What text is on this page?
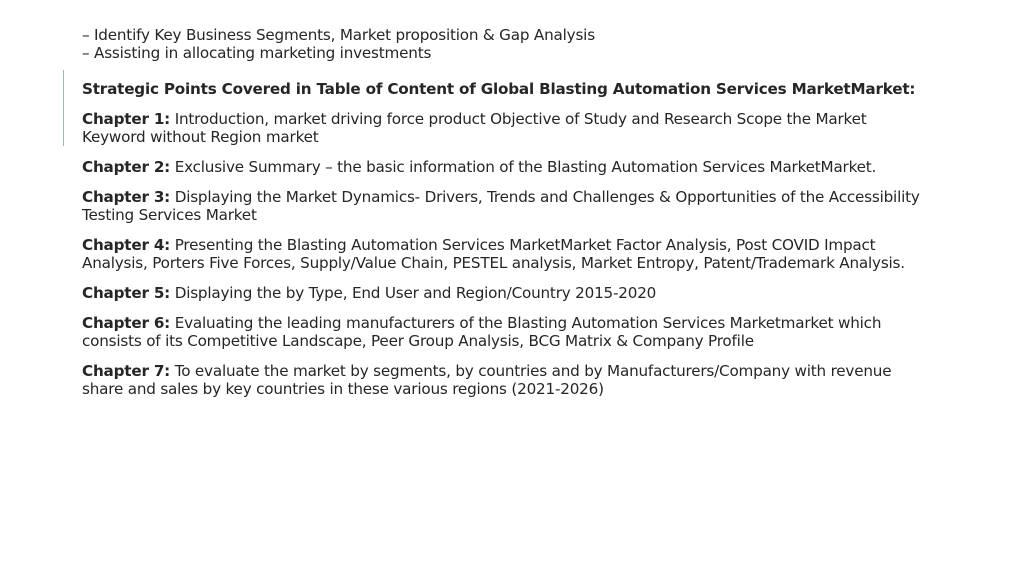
– Identify Key Business Segments, Market proposition & Gap Analysis

– Assisting in allocating marketing investments

Strategic Points Covered in Table of Content of Global Blasting Automation Services MarketMarket:

Chapter 1: Introduction, market driving force product Objective of Study and Research Scope the Market Keyword without Region market

Chapter 2: Exclusive Summary – the basic information of the Blasting Automation Services MarketMarket.

Chapter 3: Displaying the Market Dynamics- Drivers, Trends and Challenges & Opportunities of the Accessibility Testing Services Market

Chapter 4: Presenting the Blasting Automation Services MarketMarket Factor Analysis, Post COVID Impact Analysis, Porters Five Forces, Supply/Value Chain, PESTEL analysis, Market Entropy, Patent/Trademark Analysis.

Chapter 5: Displaying the by Type, End User and Region/Country 2015-2020

Chapter 6: Evaluating the leading manufacturers of the Blasting Automation Services Marketmarket which consists of its Competitive Landscape, Peer Group Analysis, BCG Matrix & Company Profile

Chapter 7: To evaluate the market by segments, by countries and by Manufacturers/Company with revenue share and sales by key countries in these various regions (2021-2026)
